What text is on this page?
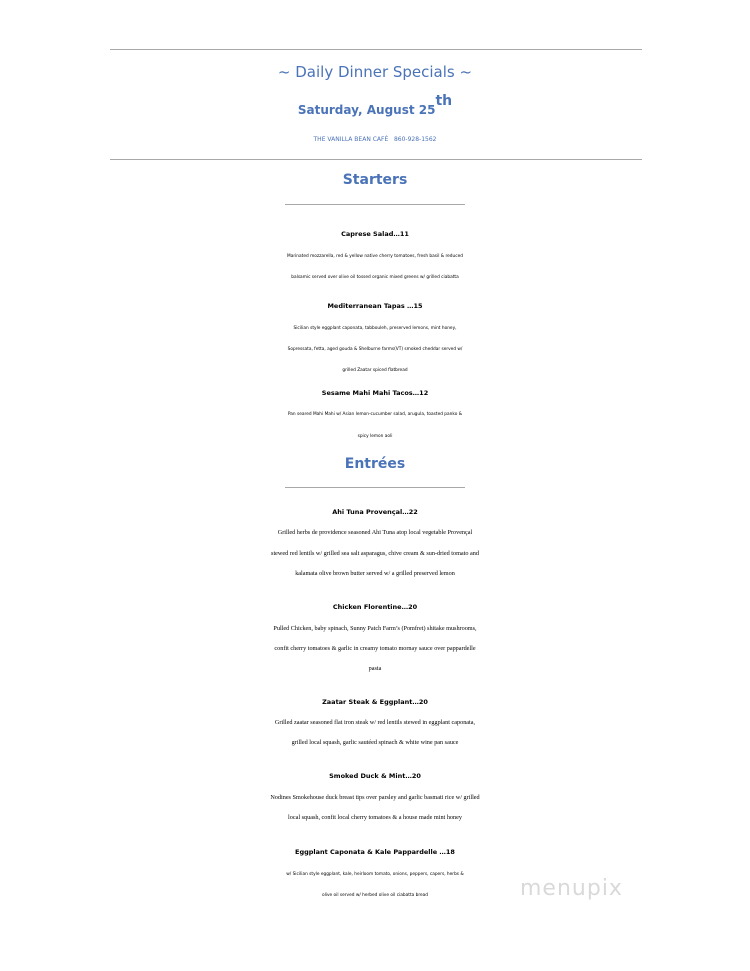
~ Daily Dinner Specials ~
Saturday, August 25th
THE VANILLA BEAN CAFÉ   860-928-1562
Starters
Caprese Salad…11
Marinated mozzarella, red & yellow native cherry tomatoes, fresh basil & reduced
balsamic served over olive oil tossed organic mixed greens w/ grilled ciabatta
Mediterranean Tapas …15
Sicilian style eggplant caponata, tabbouleh, preserved lemons, mint honey,
Sopressata, fetta, aged gouda & Shelburne farms(VT) smoked cheddar served w/
grilled Zaatar spiced flatbread
Sesame Mahi Mahi Tacos…12
Pan seared Mahi Mahi w/ Asian lemon-cucumber salad, arugula, toasted panko &
spicy lemon aoli
Entrées
Ahi Tuna Provençal…22
Grilled herbs de providence seasoned Ahi Tuna atop local vegetable Provençal
stewed red lentils w/ grilled sea salt asparagus, chive cream & sun-dried tomato and
kalamata olive brown butter served w/ a grilled preserved lemon
Chicken Florentine…20
Pulled Chicken, baby spinach, Sunny Patch Farm’s (Pomfret) shitake mushrooms,
confit cherry tomatoes & garlic in creamy tomato mornay sauce over pappardelle
pasta
Zaatar Steak & Eggplant…20
Grilled zaatar seasoned flat iron steak w/ red lentils stewed in eggplant caponata,
grilled local squash, garlic sautéed spinach & white wine pan sauce
Smoked Duck & Mint…20
Nodines Smokehouse duck breast tips over parsley and garlic basmati rice w/ grilled
local squash, confit local cherry tomatoes & a house made mint honey
Eggplant Caponata & Kale Pappardelle …18
w/ Sicilian style eggplant, kale, heirloom tomato, onions, peppers, capers, herbs &
olive oil served w/ herbed olive oil ciabatta bread	menupix
